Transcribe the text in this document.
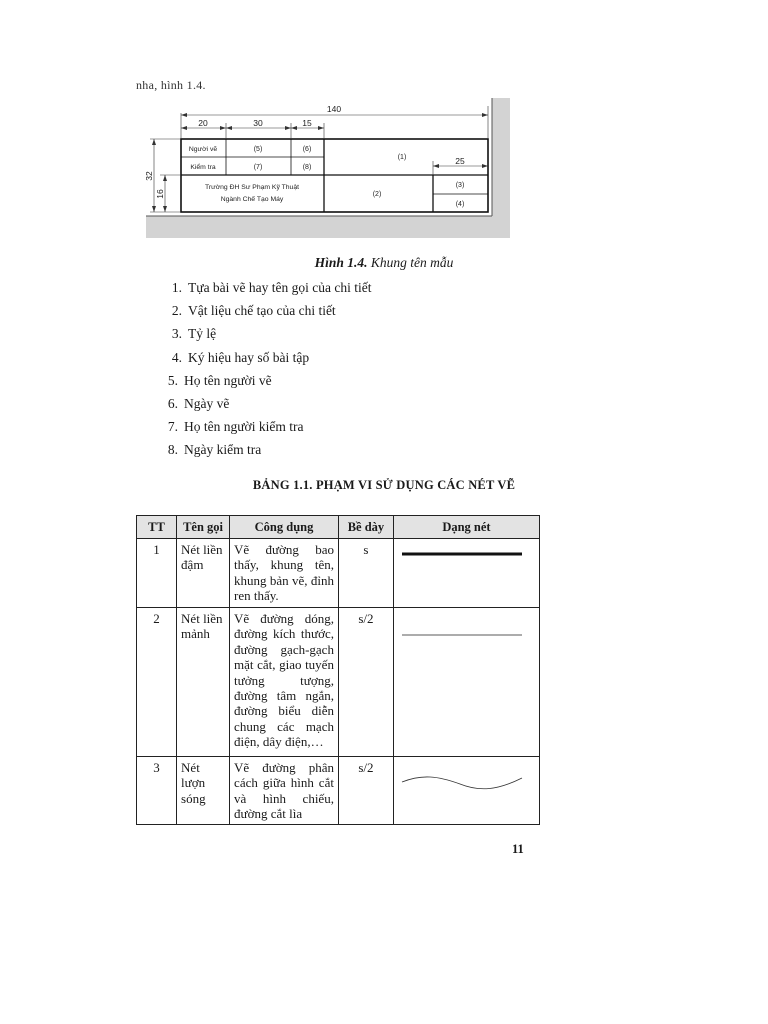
nha, hình 1.4.
140
20	30	15
25
32
16
Người vẽ
Kiểm tra
(5)
(7)
(6)
(8)
(1)
Trường ĐH Sư Phạm Kỹ Thuật
Ngành Chế Tạo Máy
(2)
(3)
(4)
Hình 1.4. Khung tên mẫu
1. Tựa bài vẽ hay tên gọi của chi tiết
2. Vật liệu chế tạo của chi tiết
3. Tỷ lệ
4. Ký hiệu hay số bài tập
5. Họ tên người vẽ
6. Ngày vẽ
7. Họ tên người kiểm tra
8. Ngày kiểm tra
BẢNG 1.1. PHẠM VI SỬ DỤNG CÁC NÉT VẼ
TT	Tên gọi	Công dụng	Bề dày	Dạng nét
1	Nét liền đậm	Vẽ đường bao thấy, khung tên, khung bản vẽ, đỉnh ren thấy.	s	
2	Nét liền mảnh	Vẽ đường dóng, đường kích thước, đường gạch-gạch mặt cắt, giao tuyến tưởng tượng, đường tâm ngắn, đường biểu diễn chung các mạch điện, dây điện,…	s/2	
3	Nét lượn sóng	Vẽ đường phân cách giữa hình cắt và hình chiếu, đường cắt lìa	s/2	
11
